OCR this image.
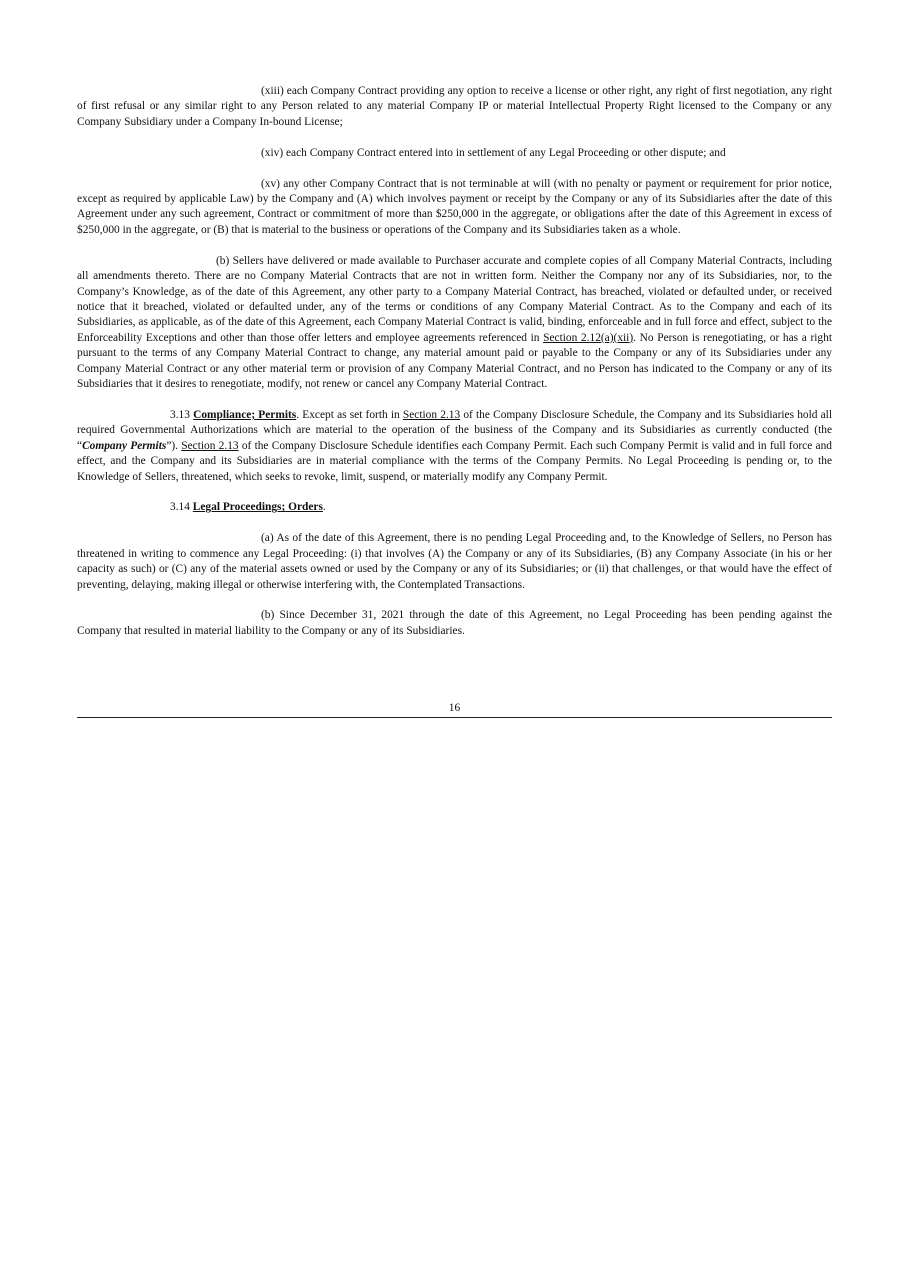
(xiii) each Company Contract providing any option to receive a license or other right, any right of first negotiation, any right of first refusal or any similar right to any Person related to any material Company IP or material Intellectual Property Right licensed to the Company or any Company Subsidiary under a Company In-bound License;

(xiv) each Company Contract entered into in settlement of any Legal Proceeding or other dispute; and

(xv) any other Company Contract that is not terminable at will (with no penalty or payment or requirement for prior notice, except as required by applicable Law) by the Company and (A) which involves payment or receipt by the Company or any of its Subsidiaries after the date of this Agreement under any such agreement, Contract or commitment of more than $250,000 in the aggregate, or obligations after the date of this Agreement in excess of $250,000 in the aggregate, or (B) that is material to the business or operations of the Company and its Subsidiaries taken as a whole.

(b) Sellers have delivered or made available to Purchaser accurate and complete copies of all Company Material Contracts, including all amendments thereto. There are no Company Material Contracts that are not in written form. Neither the Company nor any of its Subsidiaries, nor, to the Company’s Knowledge, as of the date of this Agreement, any other party to a Company Material Contract, has breached, violated or defaulted under, or received notice that it breached, violated or defaulted under, any of the terms or conditions of any Company Material Contract. As to the Company and each of its Subsidiaries, as applicable, as of the date of this Agreement, each Company Material Contract is valid, binding, enforceable and in full force and effect, subject to the Enforceability Exceptions and other than those offer letters and employee agreements referenced in Section 2.12(a)(xii). No Person is renegotiating, or has a right pursuant to the terms of any Company Material Contract to change, any material amount paid or payable to the Company or any of its Subsidiaries under any Company Material Contract or any other material term or provision of any Company Material Contract, and no Person has indicated to the Company or any of its Subsidiaries that it desires to renegotiate, modify, not renew or cancel any Company Material Contract.

3.13 Compliance; Permits. Except as set forth in Section 2.13 of the Company Disclosure Schedule, the Company and its Subsidiaries hold all required Governmental Authorizations which are material to the operation of the business of the Company and its Subsidiaries as currently conducted (the “Company Permits”). Section 2.13 of the Company Disclosure Schedule identifies each Company Permit. Each such Company Permit is valid and in full force and effect, and the Company and its Subsidiaries are in material compliance with the terms of the Company Permits. No Legal Proceeding is pending or, to the Knowledge of Sellers, threatened, which seeks to revoke, limit, suspend, or materially modify any Company Permit.

3.14 Legal Proceedings; Orders.

(a) As of the date of this Agreement, there is no pending Legal Proceeding and, to the Knowledge of Sellers, no Person has threatened in writing to commence any Legal Proceeding: (i) that involves (A) the Company or any of its Subsidiaries, (B) any Company Associate (in his or her capacity as such) or (C) any of the material assets owned or used by the Company or any of its Subsidiaries; or (ii) that challenges, or that would have the effect of preventing, delaying, making illegal or otherwise interfering with, the Contemplated Transactions.

(b) Since December 31, 2021 through the date of this Agreement, no Legal Proceeding has been pending against the Company that resulted in material liability to the Company or any of its Subsidiaries.

16
